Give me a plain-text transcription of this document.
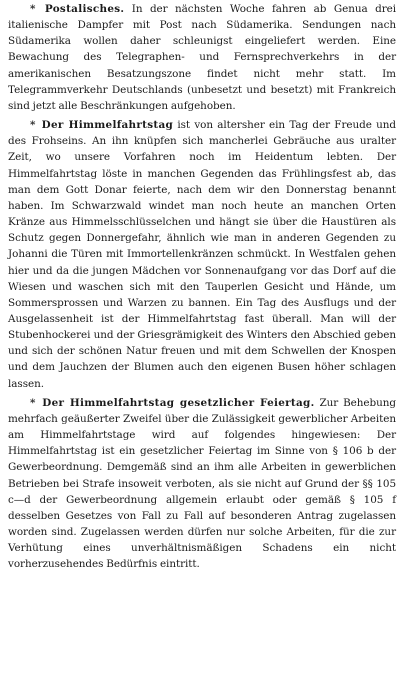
* Postalisches. In der nächsten Woche fahren ab Genua drei italienische Dampfer mit Post nach Südamerika. Sendungen nach Südamerika wollen daher schleunigst eingeliefert werden. Eine Bewachung des Telegraphen- und Fernsprechverkehrs in der amerikanischen Besatzungszone findet nicht mehr statt. Im Telegrammverkehr Deutschlands (unbesetzt und besetzt) mit Frankreich sind jetzt alle Beschränkungen aufgehoben.

* Der Himmelfahrtstag ist von altersher ein Tag der Freude und des Frohseins. An ihn knüpfen sich mancherlei Gebräuche aus uralter Zeit, wo unsere Vorfahren noch im Heidentum lebten. Der Himmelfahrtstag löste in manchen Gegenden das Frühlingsfest ab, das man dem Gott Donar feierte, nach dem wir den Donnerstag benannt haben. Im Schwarzwald windet man noch heute an manchen Orten Kränze aus Himmelsschlüsselchen und hängt sie über die Haustüren als Schutz gegen Donnergefahr, ähnlich wie man in anderen Gegenden zu Johanni die Türen mit Immortellenkränzen schmückt. In Westfalen gehen hier und da die jungen Mädchen vor Sonnenaufgang vor das Dorf auf die Wiesen und waschen sich mit den Tauperlen Gesicht und Hände, um Sommersprossen und Warzen zu bannen. Ein Tag des Ausflugs und der Ausgelassenheit ist der Himmelfahrtstag fast überall. Man will der Stubenhockerei und der Griesgrämigkeit des Winters den Abschied geben und sich der schönen Natur freuen und mit dem Schwellen der Knospen und dem Jauchzen der Blumen auch den eigenen Busen höher schlagen lassen.

* Der Himmelfahrtstag gesetzlicher Feiertag. Zur Behebung mehrfach geäußerter Zweifel über die Zulässigkeit gewerblicher Arbeiten am Himmelfahrtstage wird auf folgendes hingewiesen: Der Himmelfahrtstag ist ein gesetzlicher Feiertag im Sinne von § 106 b der Gewerbeordnung. Demgemäß sind an ihm alle Arbeiten in gewerblichen Betrieben bei Strafe insoweit verboten, als sie nicht auf Grund der §§ 105 c—d der Gewerbeordnung allgemein erlaubt oder gemäß § 105 f desselben Gesetzes von Fall zu Fall auf besonderen Antrag zugelassen worden sind. Zugelassen werden dürfen nur solche Arbeiten, für die zur Verhütung eines unverhältnismäßigen Schadens ein nicht vorherzusehendes Bedürfnis eintritt.
